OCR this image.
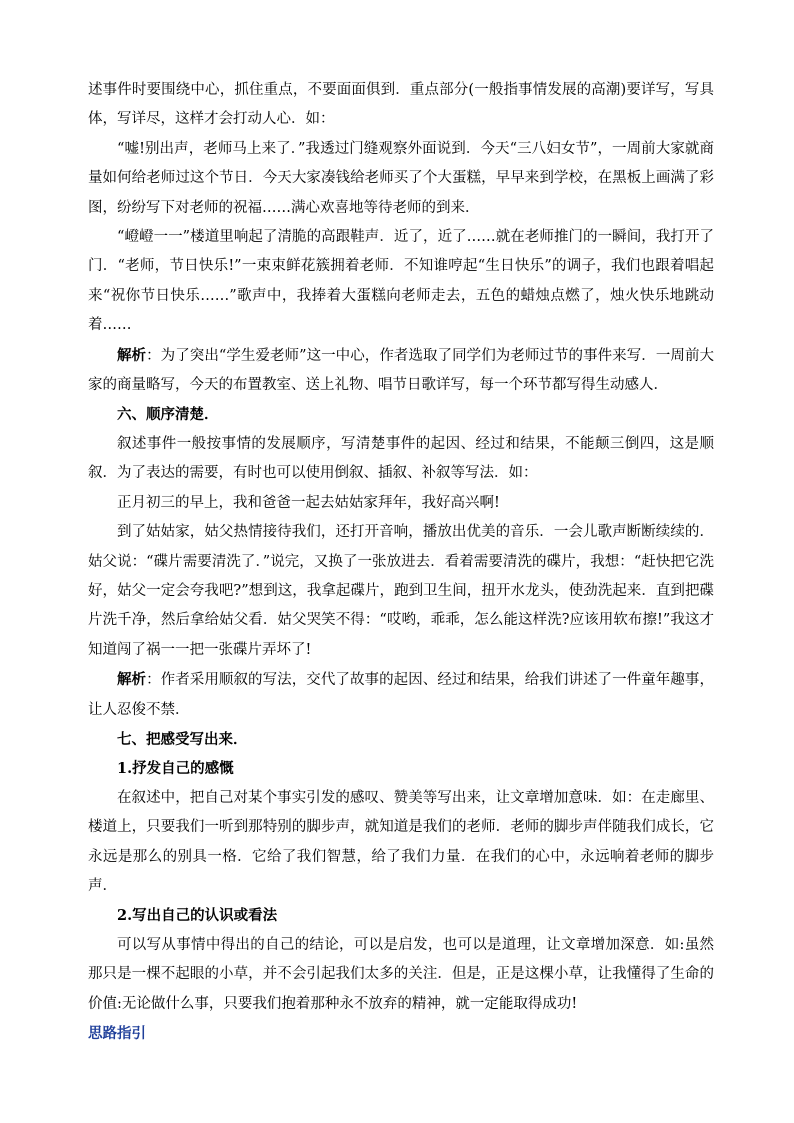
述事件时要围绕中心，抓住重点，不要面面俱到．重点部分(一般指事情发展的高潮)要详写，写具体，写详尽，这样才会打动人心．如：

“嘘!别出声，老师马上来了．”我透过门缝观察外面说到．今天“三八妇女节”，一周前大家就商量如何给老师过这个节日．今天大家凑钱给老师买了个大蛋糕，早早来到学校，在黑板上画满了彩图，纷纷写下对老师的祝福……满心欢喜地等待老师的到来．

“嶝嶝一一”楼道里响起了清脆的高跟鞋声．近了，近了……就在老师推门的一瞬间，我打开了门．“老师，节日快乐!”一束束鲜花簇拥着老师．不知谁哼起“生日快乐”的调子，我们也跟着唱起来“祝你节日快乐……”歌声中，我捧着大蛋糕向老师走去，五色的蜡烛点燃了，烛火快乐地跳动着……

解析：为了突出“学生爱老师”这一中心，作者选取了同学们为老师过节的事件来写．一周前大家的商量略写，今天的布置教室、送上礼物、唱节日歌详写，每一个环节都写得生动感人．

六、顺序清楚．

叙述事件一般按事情的发展顺序，写清楚事件的起因、经过和结果，不能颠三倒四，这是顺叙．为了表达的需要，有时也可以使用倒叙、插叙、补叙等写法．如：

正月初三的早上，我和爸爸一起去姑姑家拜年，我好高兴啊!

到了姑姑家，姑父热情接待我们，还打开音响，播放出优美的音乐．一会儿歌声断断续续的．姑父说：“碟片需要清洗了．”说完，又换了一张放进去．看着需要清洗的碟片，我想：“赶快把它洗好，姑父一定会夸我吧?”想到这，我拿起碟片，跑到卫生间，扭开水龙头，使劲洗起来．直到把碟片洗千净，然后拿给姑父看．姑父哭笑不得：“哎哟，乖乖，怎么能这样洗?应该用软布擦!”我这才知道闯了祸一一把一张碟片弄坏了!

解析：作者采用顺叙的写法，交代了故事的起因、经过和结果，给我们讲述了一件童年趣事，让人忍俊不禁．

七、把感受写出来．

1.抒发自己的感慨

在叙述中，把自己对某个事实引发的感叹、赞美等写出来，让文章增加意味．如：在走廊里、楼道上，只要我们一听到那特别的脚步声，就知道是我们的老师．老师的脚步声伴随我们成长，它永远是那么的别具一格．它给了我们智慧，给了我们力量．在我们的心中，永远响着老师的脚步声．

2.写出自己的认识或看法

可以写从事情中得出的自己的结论，可以是启发，也可以是道理，让文章增加深意．如:虽然那只是一棵不起眼的小草，并不会引起我们太多的关注．但是，正是这棵小草，让我懂得了生命的价值:无论做什么事，只要我们抱着那种永不放弃的精神，就一定能取得成功!

思路指引
